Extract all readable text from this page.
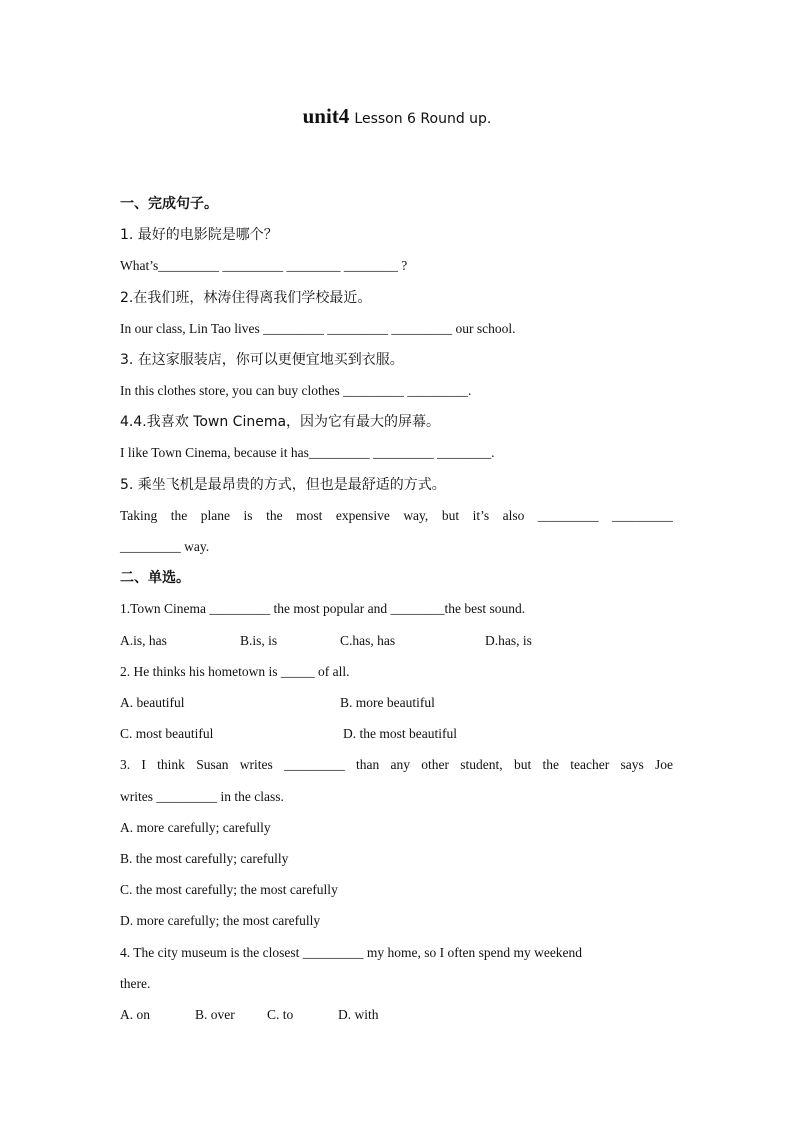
unit4 Lesson 6 Round up.
一、完成句子。
1. 最好的电影院是哪个？
What’s_________ _________ ________ ________ ?
2.在我们班，林涛住得离我们学校最近。
In our class, Lin Tao lives _________ _________ _________ our school.
3. 在这家服装店，你可以更便宜地买到衣服。
In this clothes store, you can buy clothes _________ _________.
4.4.我喜欢 Town Cinema，因为它有最大的屏幕。
I like Town Cinema, because it has_________ _________ ________.
5. 乘坐飞机是最昂贵的方式，但也是最舒适的方式。
Taking the plane is the most expensive way, but it’s also _________ _________
_________ way.
二、单选。
1.Town Cinema _________ the most popular and ________the best sound.
A.is, has	B.is, is	C.has, has	D.has, is
2. He thinks his hometown is _____ of all.
A. beautiful	B. more beautiful
C. most beautiful	D. the most beautiful
3. I think Susan writes _________ than any other student, but the teacher says Joe
writes _________ in the class.
A. more carefully; carefully
B. the most carefully; carefully
C. the most carefully; the most carefully
D. more carefully; the most carefully
4. The city museum is the closest _________ my home, so I often spend my weekend
there.
A. on	B. over C. to	D. with
